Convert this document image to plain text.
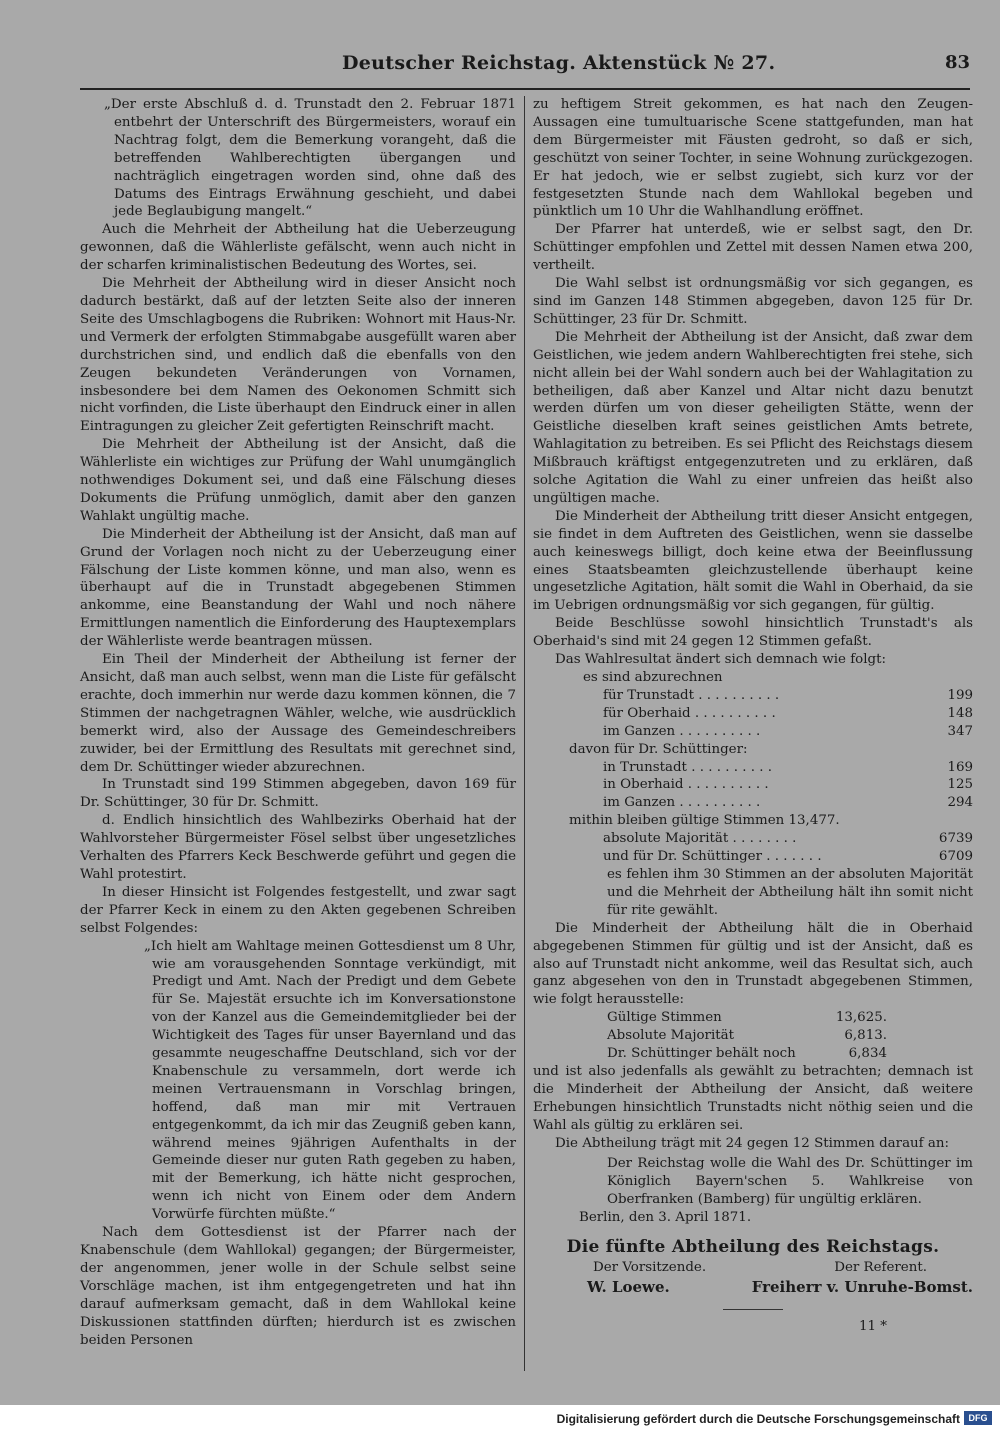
Deutscher Reichstag. Aktenstück № 27.	83

„Der erste Abschluß d. d. Trunstadt den 2. Februar 1871 entbehrt der Unterschrift des Bürgermeisters, worauf ein Nachtrag folgt, dem die Bemerkung vorangeht, daß die betreffenden Wahlberechtigten übergangen und nachträglich eingetragen worden sind, ohne daß des Datums des Eintrags Erwähnung geschieht, und dabei jede Beglaubigung mangelt.“

Auch die Mehrheit der Abtheilung hat die Ueberzeugung gewonnen, daß die Wählerliste gefälscht, wenn auch nicht in der scharfen kriminalistischen Bedeutung des Wortes, sei.

Die Mehrheit der Abtheilung wird in dieser Ansicht noch dadurch bestärkt, daß auf der letzten Seite also der inneren Seite des Umschlagbogens die Rubriken: Wohnort mit Haus-Nr. und Vermerk der erfolgten Stimmabgabe ausgefüllt waren aber durchstrichen sind, und endlich daß die ebenfalls von den Zeugen bekundeten Veränderungen von Vornamen, insbesondere bei dem Namen des Oekonomen Schmitt sich nicht vorfinden, die Liste überhaupt den Eindruck einer in allen Eintragungen zu gleicher Zeit gefertigten Reinschrift macht.

Die Mehrheit der Abtheilung ist der Ansicht, daß die Wählerliste ein wichtiges zur Prüfung der Wahl unumgänglich nothwendiges Dokument sei, und daß eine Fälschung dieses Dokuments die Prüfung unmöglich, damit aber den ganzen Wahlakt ungültig mache.

Die Minderheit der Abtheilung ist der Ansicht, daß man auf Grund der Vorlagen noch nicht zu der Ueberzeugung einer Fälschung der Liste kommen könne, und man also, wenn es überhaupt auf die in Trunstadt abgegebenen Stimmen ankomme, eine Beanstandung der Wahl und noch nähere Ermittlungen namentlich die Einforderung des Hauptexemplars der Wählerliste werde beantragen müssen.

Ein Theil der Minderheit der Abtheilung ist ferner der Ansicht, daß man auch selbst, wenn man die Liste für gefälscht erachte, doch immerhin nur werde dazu kommen können, die 7 Stimmen der nachgetragnen Wähler, welche, wie ausdrücklich bemerkt wird, also der Aussage des Gemeindeschreibers zuwider, bei der Ermittlung des Resultats mit gerechnet sind, dem Dr. Schüttinger wieder abzurechnen.

In Trunstadt sind 199 Stimmen abgegeben, davon 169 für Dr. Schüttinger, 30 für Dr. Schmitt.

d. Endlich hinsichtlich des Wahlbezirks Oberhaid hat der Wahlvorsteher Bürgermeister Fösel selbst über ungesetzliches Verhalten des Pfarrers Keck Beschwerde geführt und gegen die Wahl protestirt.

In dieser Hinsicht ist Folgendes festgestellt, und zwar sagt der Pfarrer Keck in einem zu den Akten gegebenen Schreiben selbst Folgendes:

„Ich hielt am Wahltage meinen Gottesdienst um 8 Uhr, wie am vorausgehenden Sonntage verkündigt, mit Predigt und Amt. Nach der Predigt und dem Gebete für Se. Majestät ersuchte ich im Konversationstone von der Kanzel aus die Gemeindemitglieder bei der Wichtigkeit des Tages für unser Bayernland und das gesammte neugeschaffne Deutschland, sich vor der Knabenschule zu versammeln, dort werde ich meinen Vertrauensmann in Vorschlag bringen, hoffend, daß man mir mit Vertrauen entgegenkommt, da ich mir das Zeugniß geben kann, während meines 9jährigen Aufenthalts in der Gemeinde dieser nur guten Rath gegeben zu haben, mit der Bemerkung, ich hätte nicht gesprochen, wenn ich nicht von Einem oder dem Andern Vorwürfe fürchten müßte.“

Nach dem Gottesdienst ist der Pfarrer nach der Knabenschule (dem Wahllokal) gegangen; der Bürgermeister, der angenommen, jener wolle in der Schule selbst seine Vorschläge machen, ist ihm entgegengetreten und hat ihn darauf aufmerksam gemacht, daß in dem Wahllokal keine Diskussionen stattfinden dürften; hierdurch ist es zwischen beiden Personen

zu heftigem Streit gekommen, es hat nach den Zeugen-Aussagen eine tumultuarische Scene stattgefunden, man hat dem Bürgermeister mit Fäusten gedroht, so daß er sich, geschützt von seiner Tochter, in seine Wohnung zurückgezogen. Er hat jedoch, wie er selbst zugiebt, sich kurz vor der festgesetzten Stunde nach dem Wahllokal begeben und pünktlich um 10 Uhr die Wahlhandlung eröffnet.

Der Pfarrer hat unterdeß, wie er selbst sagt, den Dr. Schüttinger empfohlen und Zettel mit dessen Namen etwa 200, vertheilt.

Die Wahl selbst ist ordnungsmäßig vor sich gegangen, es sind im Ganzen 148 Stimmen abgegeben, davon 125 für Dr. Schüttinger, 23 für Dr. Schmitt.

Die Mehrheit der Abtheilung ist der Ansicht, daß zwar dem Geistlichen, wie jedem andern Wahlberechtigten frei stehe, sich nicht allein bei der Wahl sondern auch bei der Wahlagitation zu betheiligen, daß aber Kanzel und Altar nicht dazu benutzt werden dürfen um von dieser geheiligten Stätte, wenn der Geistliche dieselben kraft seines geistlichen Amts betrete, Wahlagitation zu betreiben. Es sei Pflicht des Reichstags diesem Mißbrauch kräftigst entgegenzutreten und zu erklären, daß solche Agitation die Wahl zu einer unfreien das heißt also ungültigen mache.

Die Minderheit der Abtheilung tritt dieser Ansicht entgegen, sie findet in dem Auftreten des Geistlichen, wenn sie dasselbe auch keineswegs billigt, doch keine etwa der Beeinflussung eines Staatsbeamten gleichzustellende überhaupt keine ungesetzliche Agitation, hält somit die Wahl in Oberhaid, da sie im Uebrigen ordnungsmäßig vor sich gegangen, für gültig.

Beide Beschlüsse sowohl hinsichtlich Trunstadt's als Oberhaid's sind mit 24 gegen 12 Stimmen gefaßt.

Das Wahlresultat ändert sich demnach wie folgt:

es sind abzurechnen

für Trunstadt . . . . . . . . . .	199
für Oberhaid . . . . . . . . . .	148
im Ganzen . . . . . . . . . .	347

davon für Dr. Schüttinger:

in Trunstadt . . . . . . . . . .	169
in Oberhaid . . . . . . . . . .	125
im Ganzen . . . . . . . . . .	294

mithin bleiben gültige Stimmen 13,477.

absolute Majorität . . . . . . . .	6739
und für Dr. Schüttinger . . . . . . .	6709

es fehlen ihm 30 Stimmen an der absoluten Majorität und die Mehrheit der Abtheilung hält ihn somit nicht für rite gewählt.

Die Minderheit der Abtheilung hält die in Oberhaid abgegebenen Stimmen für gültig und ist der Ansicht, daß es also auf Trunstadt nicht ankomme, weil das Resultat sich, auch ganz abgesehen von den in Trunstadt abgegebenen Stimmen, wie folgt herausstelle:

Gültige Stimmen	13,625.
Absolute Majorität	6,813.
Dr. Schüttinger behält noch	6,834

und ist also jedenfalls als gewählt zu betrachten; demnach ist die Minderheit der Abtheilung der Ansicht, daß weitere Erhebungen hinsichtlich Trunstadts nicht nöthig seien und die Wahl als gültig zu erklären sei.

Die Abtheilung trägt mit 24 gegen 12 Stimmen darauf an:

Der Reichstag wolle die Wahl des Dr. Schüttinger im Königlich Bayern'schen 5. Wahlkreise von Oberfranken (Bamberg) für ungültig erklären.

Berlin, den 3. April 1871.

Die fünfte Abtheilung des Reichstags.
Der Vorsitzende.	Der Referent.
W. Loewe.	Freiherr v. Unruhe-Bomst.
11 *
Digitalisierung gefördert durch die Deutsche Forschungsgemeinschaft DFG
